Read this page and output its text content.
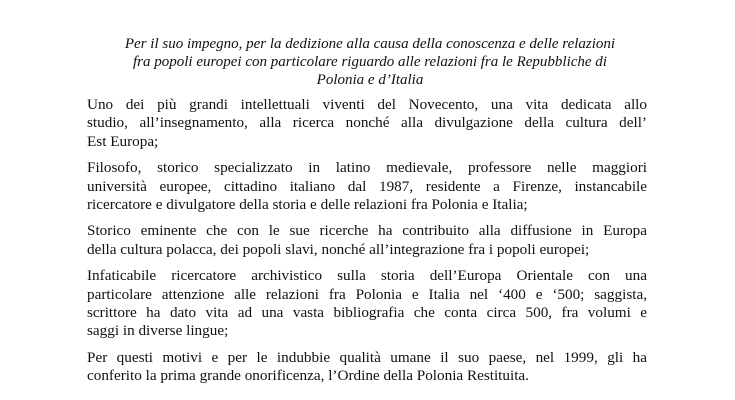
Per il suo impegno, per la dedizione alla causa della conoscenza e delle relazioni
fra popoli europei con particolare riguardo alle relazioni fra le Repubbliche di
Polonia e d’Italia

Uno dei più grandi intellettuali viventi del Novecento, una vita dedicata allo
studio, all’insegnamento, alla ricerca nonché alla divulgazione della cultura dell’
Est Europa;

Filosofo, storico specializzato in latino medievale, professore nelle maggiori
università europee, cittadino italiano dal 1987, residente a Firenze, instancabile
ricercatore e divulgatore della storia e delle relazioni fra Polonia e Italia;

Storico eminente che con le sue ricerche ha contribuito alla diffusione in Europa
della cultura polacca, dei popoli slavi, nonché all’integrazione fra i popoli europei;

Infaticabile ricercatore archivistico sulla storia dell’Europa Orientale con una
particolare attenzione alle relazioni fra Polonia e Italia nel ‘400 e ‘500; saggista,
scrittore ha dato vita ad una vasta bibliografia che conta circa 500, fra volumi e
saggi in diverse lingue;

Per questi motivi e per le indubbie qualità umane il suo paese, nel 1999, gli ha
conferito la prima grande onorificenza, l’Ordine della Polonia Restituita.
